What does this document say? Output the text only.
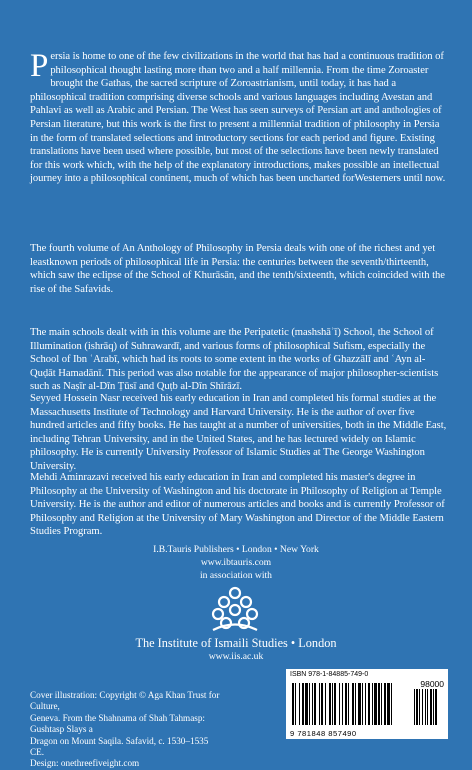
Persia is home to one of the few civilizations in the world that has had a continuous tradition of philosophical thought lasting more than two and a half millennia. From the time Zoroaster brought the Gathas, the sacred scripture of Zoroastrianism, until today, it has had a philosophical tradition comprising diverse schools and various languages including Avestan and Pahlavi as well as Arabic and Persian. The West has seen surveys of Persian art and anthologies of Persian literature, but this work is the first to present a millennial tradition of philosophy in Persia in the form of translated selections and introductory sections for each period and figure. Existing translations have been used where possible, but most of the selections have been newly translated for this work which, with the help of the explanatory introductions, makes possible an intellectual journey into a philosophical continent, much of which has been uncharted forWesterners until now.

The fourth volume of An Anthology of Philosophy in Persia deals with one of the richest and yet leastknown periods of philosophical life in Persia: the centuries between the seventh/thirteenth, which saw the eclipse of the School of Khurāsān, and the tenth/sixteenth, which coincided with the rise of the Safavids.

The main schools dealt with in this volume are the Peripatetic (mashshāʾī) School, the School of Illumination (ishrāq) of Suhrawardī, and various forms of philosophical Sufism, especially the School of Ibn ʿArabī, which had its roots to some extent in the works of Ghazzālī and ʿAyn al-Quḍāt Hamadānī. This period was also notable for the appearance of major philosopher-scientists such as Naṣīr al-Dīn Ṭūsī and Quṭb al-Dīn Shīrāzī.

Seyyed Hossein Nasr received his early education in Iran and completed his formal studies at the Massachusetts Institute of Technology and Harvard University. He is the author of over five hundred articles and fifty books. He has taught at a number of universities, both in the Middle East, including Tehran University, and in the United States, and he has lectured widely on Islamic philosophy. He is currently University Professor of Islamic Studies at The George Washington University.

Mehdi Aminrazavi received his early education in Iran and completed his master's degree in Philosophy at the University of Washington and his doctorate in Philosophy of Religion at Temple University. He is the author and editor of numerous articles and books and is currently Professor of Philosophy and Religion at the University of Mary Washington and Director of the Middle Eastern Studies Program.

I.B.Tauris Publishers • London • New York
www.ibtauris.com
in association with
The Institute of Ismaili Studies • London
www.iis.ac.uk
Cover illustration: Copyright © Aga Khan Trust for Culture,
Geneva. From the Shahnama of Shah Tahmasp: Gushtasp Slays a
Dragon on Mount Saqila. Safavid, c. 1530–1535 CE.
Design: onethreefiveight.com
ISBN 978-1-84885-749-0
98000
9 781848 857490
